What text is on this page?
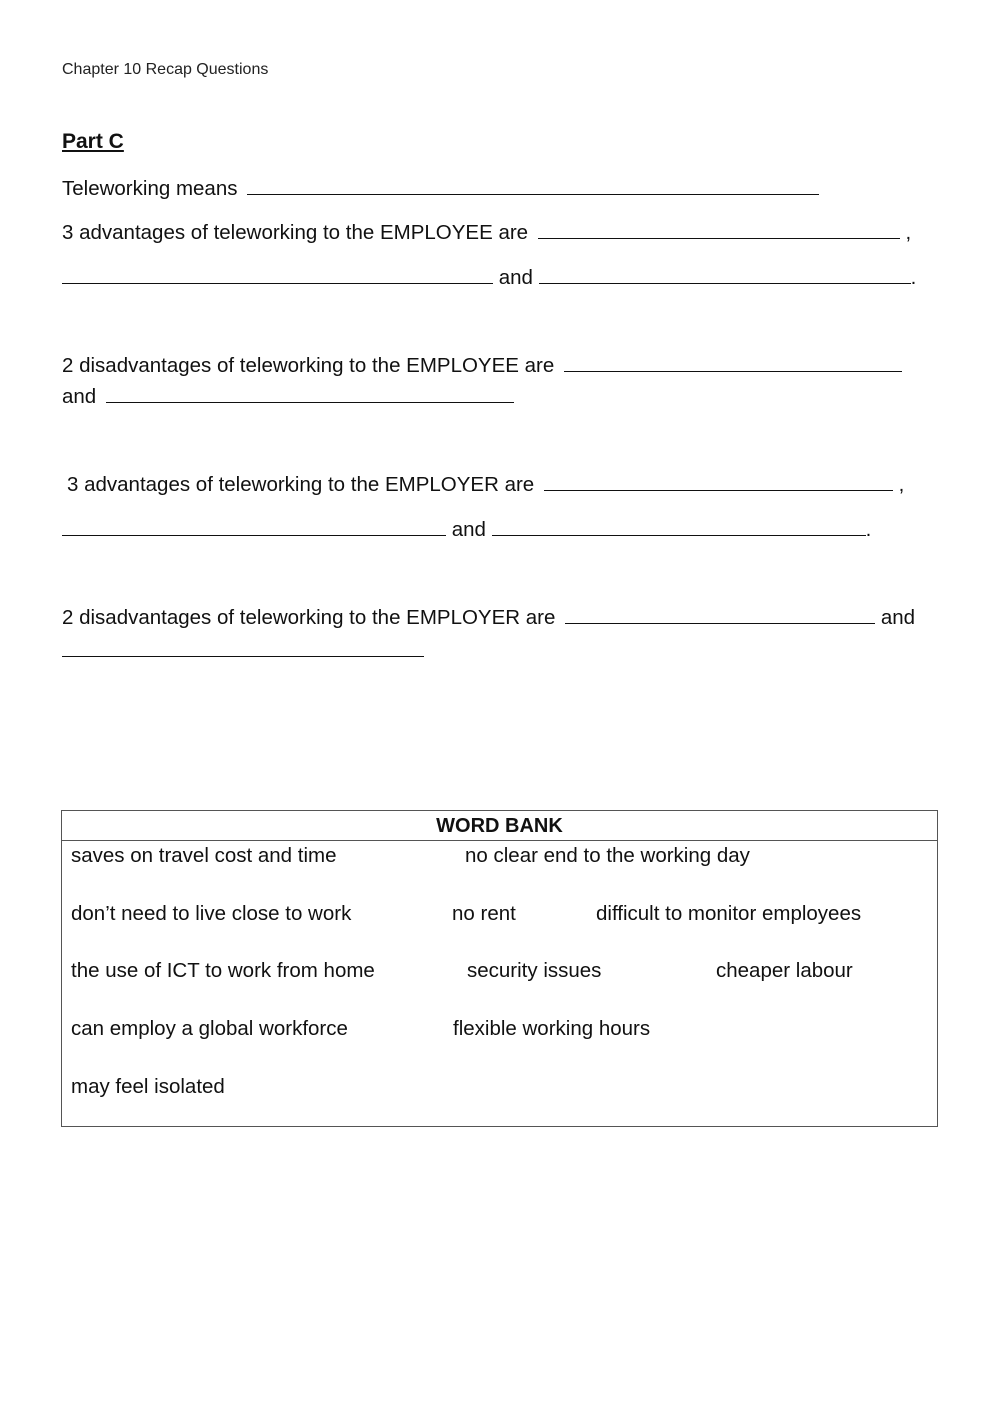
Chapter 10 Recap Questions
Part C
Teleworking means
3 advantages of teleworking to the EMPLOYEE are	,
and	.
2 disadvantages of teleworking to the EMPLOYEE are
and
3 advantages of teleworking to the EMPLOYER are	,
and	.
2 disadvantages of teleworking to the EMPLOYER are	and
WORD BANK
saves on travel cost and time	no clear end to the working day
don’t need to live close to work	no rent	difficult to monitor employees
the use of ICT to work from home	security issues	cheaper labour
can employ a global workforce	flexible working hours
may feel isolated
